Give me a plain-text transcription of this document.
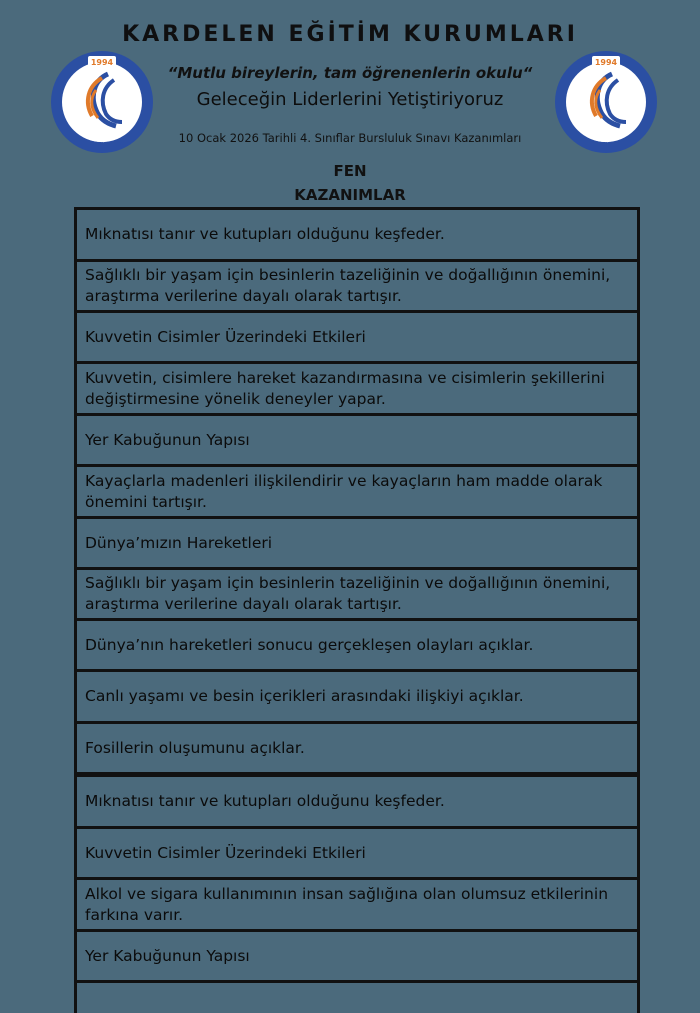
KARDELEN EĞİTİM KURUMLARI
“Mutlu bireylerin, tam öğrenenlerin okulu“
Geleceğin Liderlerini Yetiştiriyoruz
10 Ocak 2026 Tarihli 4. Sınıflar Bursluluk Sınavı Kazanımları
FEN
KAZANIMLAR
1994
KARDELEN KOLEJİ
1994
KARDELEN KOLEJİ
Mıknatısı tanır ve kutupları olduğunu keşfeder.
Sağlıklı bir yaşam için besinlerin tazeliğinin ve doğallığının önemini, araştırma verilerine dayalı olarak tartışır.
Kuvvetin Cisimler Üzerindeki Etkileri
Kuvvetin, cisimlere hareket kazandırmasına ve cisimlerin şekillerini değiştirmesine yönelik deneyler yapar.
Yer Kabuğunun Yapısı
Kayaçlarla madenleri ilişkilendirir ve kayaçların ham madde olarak önemini tartışır.
Dünya’mızın Hareketleri
Sağlıklı bir yaşam için besinlerin tazeliğinin ve doğallığının önemini, araştırma verilerine dayalı olarak tartışır.
Dünya’nın hareketleri sonucu gerçekleşen olayları açıklar.
Canlı yaşamı ve besin içerikleri arasındaki ilişkiyi açıklar.
Fosillerin oluşumunu açıklar.
Mıknatısı tanır ve kutupları olduğunu keşfeder.
Kuvvetin Cisimler Üzerindeki Etkileri
Alkol ve sigara kullanımının insan sağlığına olan olumsuz etkilerinin farkına varır.
Yer Kabuğunun Yapısı
